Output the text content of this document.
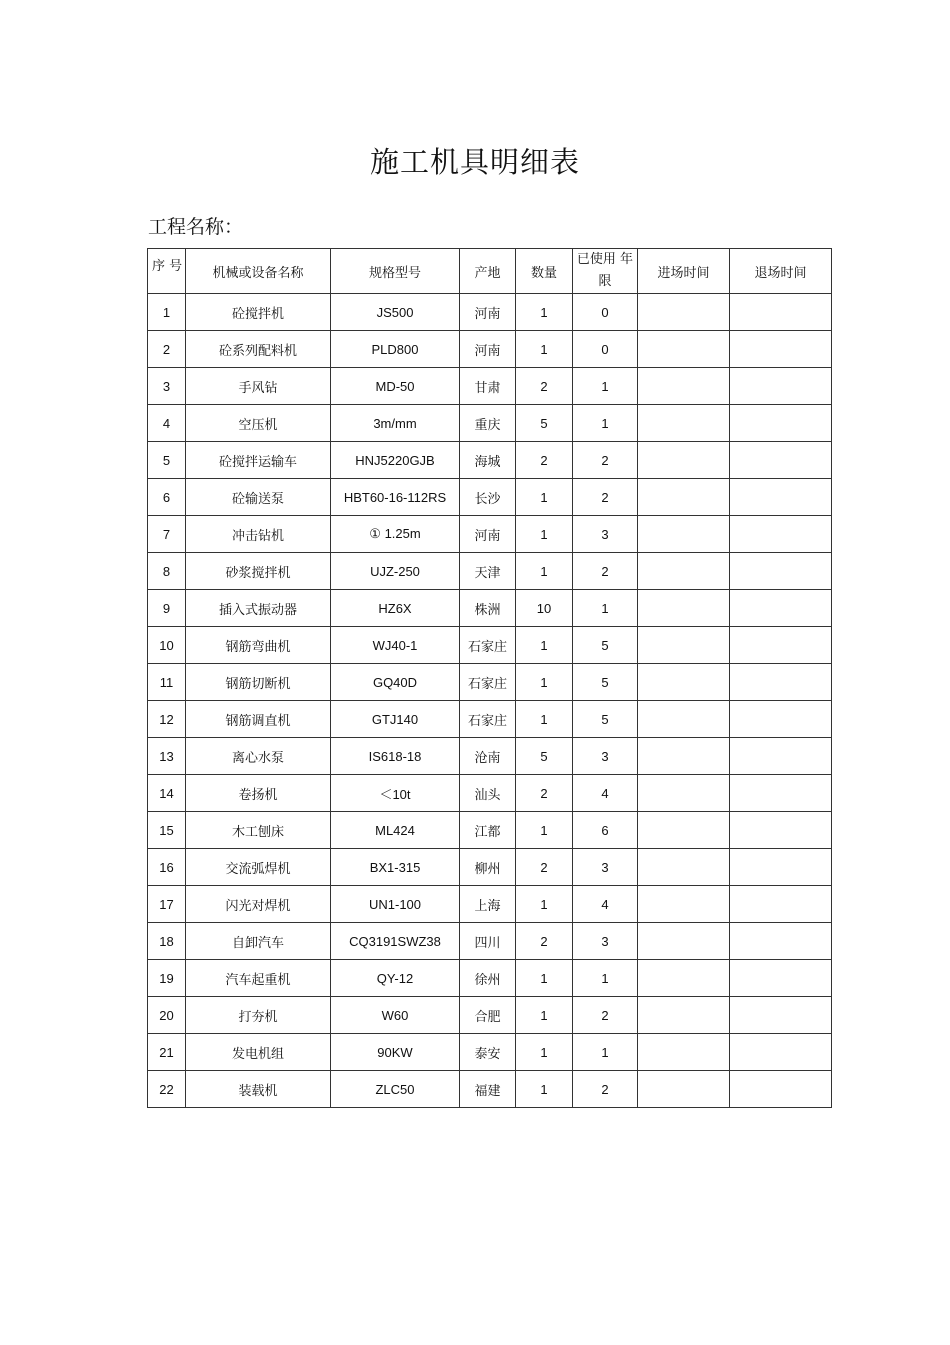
施工机具明细表
工程名称：
序 号	机械或设备名称	规格型号	产地	数量	已使用 年限	进场时间	退场时间
1	砼搅拌机	JS500	河南	1	0		
2	砼系列配料机	PLD800	河南	1	0		
3	手风钻	MD-50	甘肃	2	1		
4	空压机	3m/mm	重庆	5	1		
5	砼搅拌运输车	HNJ5220GJB	海城	2	2		
6	砼输送泵	HBT60-16-112RS	长沙	1	2		
7	冲击钻机	① 1.25m	河南	1	3		
8	砂浆搅拌机	UJZ-250	天津	1	2		
9	插入式振动器	HZ6X	株洲	10	1		
10	钢筋弯曲机	WJ40-1	石家庄	1	5		
11	钢筋切断机	GQ40D	石家庄	1	5		
12	钢筋调直机	GTJ140	石家庄	1	5		
13	离心水泵	IS618-18	沧南	5	3		
14	卷扬机	＜10t	汕头	2	4		
15	木工刨床	ML424	江都	1	6		
16	交流弧焊机	BX1-315	柳州	2	3		
17	闪光对焊机	UN1-100	上海	1	4		
18	自卸汽车	CQ3191SWZ38	四川	2	3		
19	汽车起重机	QY-12	徐州	1	1		
20	打夯机	W60	合肥	1	2		
21	发电机组	90KW	泰安	1	1		
22	装载机	ZLC50	福建	1	2		
